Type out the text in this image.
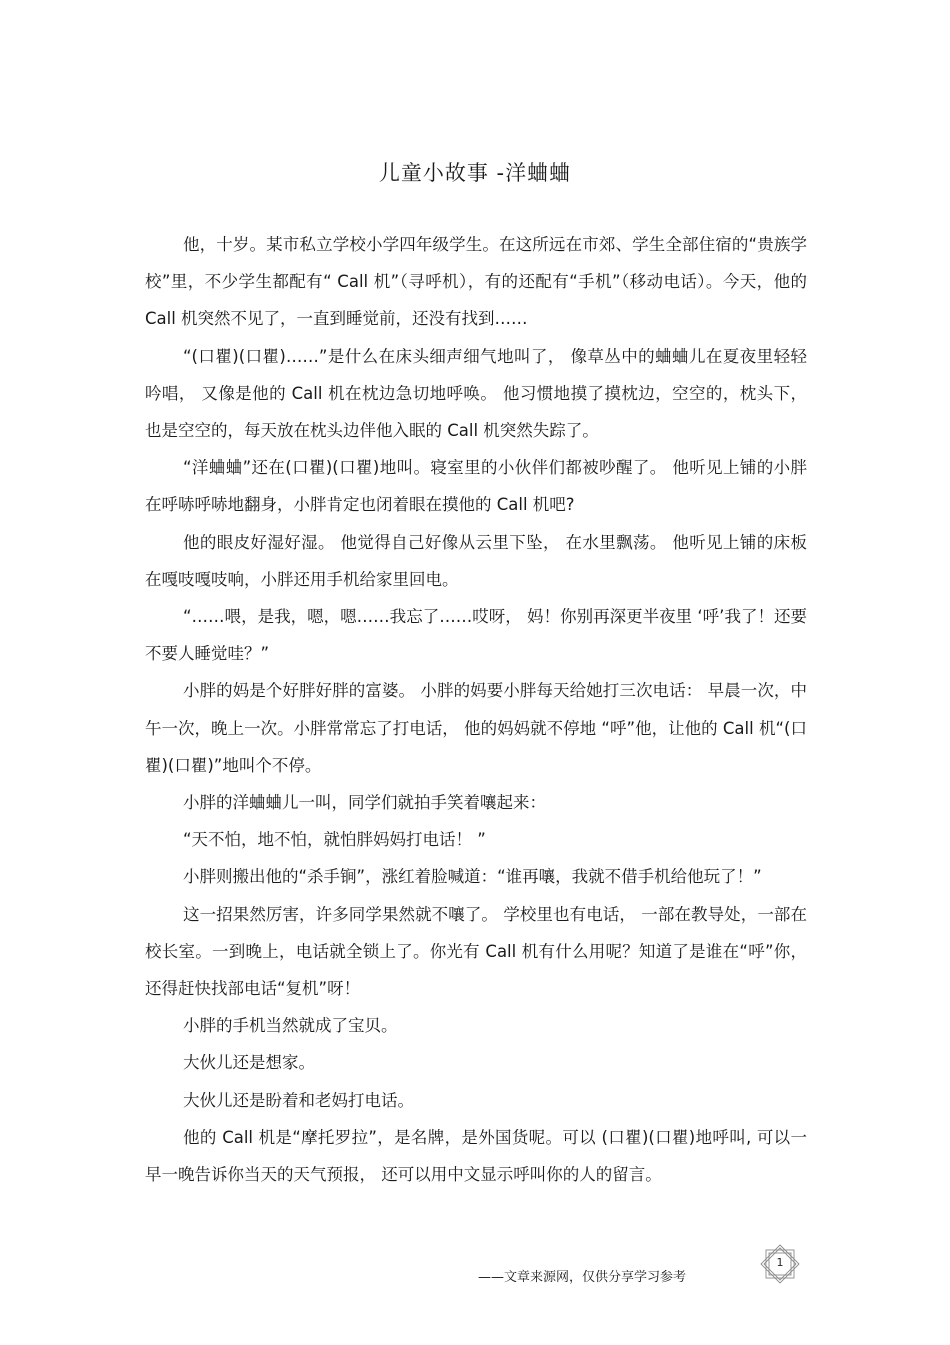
儿童小故事 -洋蛐蛐

他，十岁。某市私立学校小学四年级学生。在这所远在市郊、学生全部住宿的“贵族学校”里，不少学生都配有“ Call 机”（寻呼机），有的还配有“手机”（移动电话）。今天，他的 Call 机突然不见了，一直到睡觉前，还没有找到……

“(口瞿)(口瞿)……”是什么在床头细声细气地叫了， 像草丛中的蛐蛐儿在夏夜里轻轻吟唱， 又像是他的 Call 机在枕边急切地呼唤。 他习惯地摸了摸枕边，空空的，枕头下，也是空空的，每天放在枕头边伴他入眠的 Call 机突然失踪了。

“洋蛐蛐”还在(口瞿)(口瞿)地叫。寝室里的小伙伴们都被吵醒了。 他听见上铺的小胖在呼哧呼哧地翻身，小胖肯定也闭着眼在摸他的 Call 机吧?

他的眼皮好湿好湿。 他觉得自己好像从云里下坠， 在水里飘荡。 他听见上铺的床板在嘎吱嘎吱响，小胖还用手机给家里回电。

“……喂，是我，嗯，嗯……我忘了……哎呀， 妈！你别再深更半夜里 ‘呼’我了！还要不要人睡觉哇？”

小胖的妈是个好胖好胖的富婆。 小胖的妈要小胖每天给她打三次电话： 早晨一次，中午一次，晚上一次。小胖常常忘了打电话， 他的妈妈就不停地 “呼”他，让他的 Call 机“(口瞿)(口瞿)”地叫个不停。

小胖的洋蛐蛐儿一叫，同学们就拍手笑着嚷起来：

“天不怕，地不怕，就怕胖妈妈打电话！ ”

小胖则搬出他的“杀手锏”，涨红着脸喊道：“谁再嚷，我就不借手机给他玩了！”

这一招果然厉害，许多同学果然就不嚷了。 学校里也有电话， 一部在教导处，一部在校长室。一到晚上，电话就全锁上了。你光有 Call 机有什么用呢？知道了是谁在“呼”你，还得赶快找部电话“复机”呀！

小胖的手机当然就成了宝贝。

大伙儿还是想家。

大伙儿还是盼着和老妈打电话。

他的 Call 机是“摩托罗拉”，是名牌，是外国货呢。可以 (口瞿)(口瞿)地呼叫, 可以一早一晚告诉你当天的天气预报， 还可以用中文显示呼叫你的人的留言。

——文章来源网，仅供分享学习参考
1
